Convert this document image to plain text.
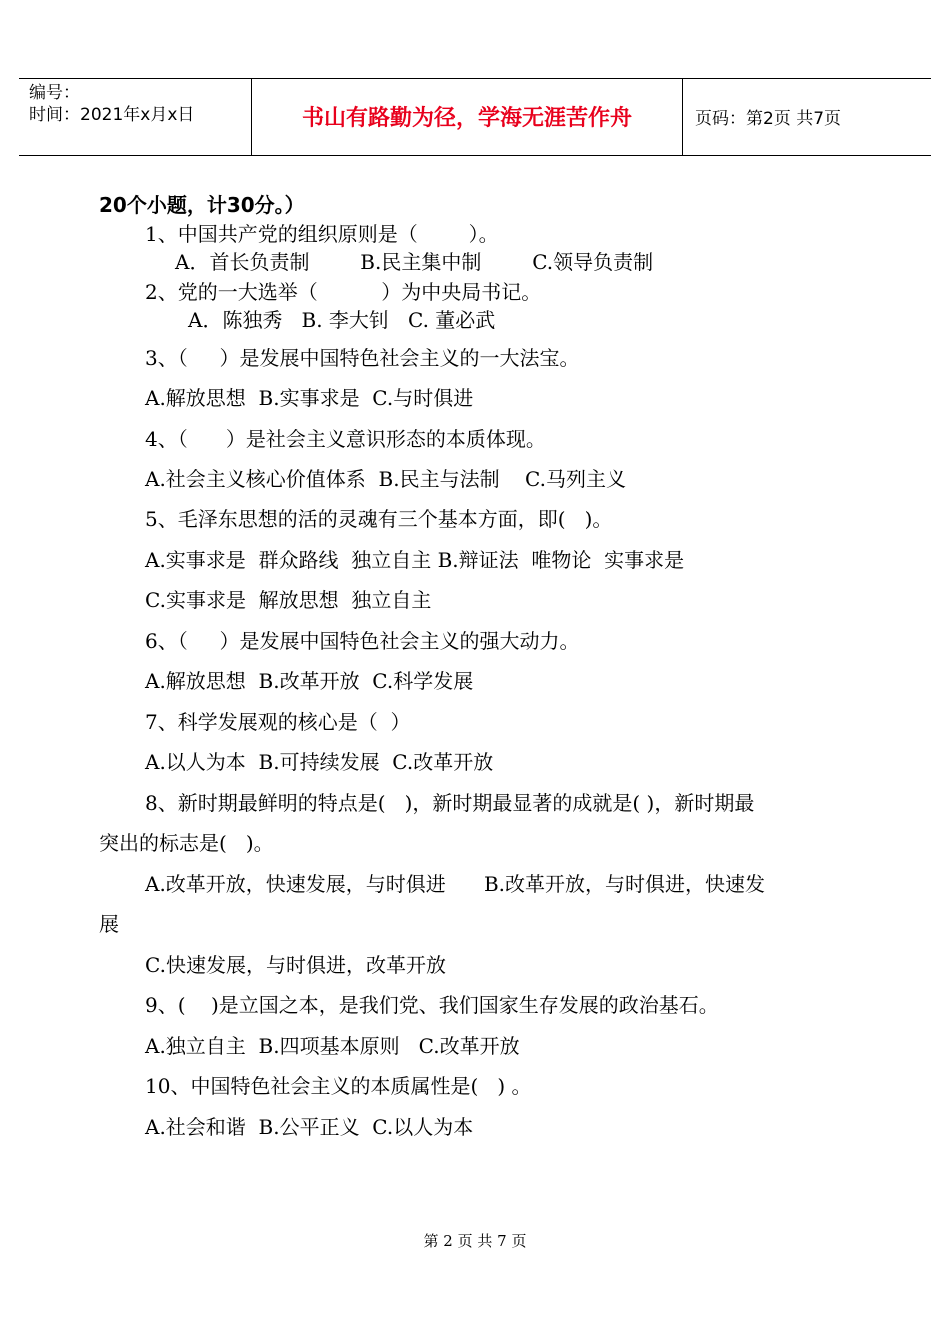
编号：
时间：2021年x月x日	书山有路勤为径，学海无涯苦作舟	页码：第2页 共7页
20个小题，计30分。）
1、中国共产党的组织原则是（        ）。
A．首长负责制        B.民主集中制        C.领导负责制
2、党的一大选举（          ）为中央局书记。
A．陈独秀   B. 李大钊   C. 董必武
3、（     ）是发展中国特色社会主义的一大法宝。
A.解放思想  B.实事求是  C.与时俱进
4、（      ）是社会主义意识形态的本质体现。
A.社会主义核心价值体系  B.民主与法制    C.马列主义
5、毛泽东思想的活的灵魂有三个基本方面，即(   )。
A.实事求是  群众路线  独立自主 B.辩证法  唯物论  实事求是
C.实事求是  解放思想  独立自主
6、（     ）是发展中国特色社会主义的强大动力。
A.解放思想  B.改革开放  C.科学发展
7、科学发展观的核心是（  ）
A.以人为本  B.可持续发展  C.改革开放
8、新时期最鲜明的特点是(   )，新时期最显著的成就是( )，新时期最
突出的标志是(   )。
A.改革开放，快速发展，与时俱进      B.改革开放，与时俱进，快速发
展
C.快速发展，与时俱进，改革开放
9、(    )是立国之本，是我们党、我们国家生存发展的政治基石。
A.独立自主  B.四项基本原则   C.改革开放
10、中国特色社会主义的本质属性是(   ) 。
A.社会和谐  B.公平正义  C.以人为本
第 2 页 共 7 页
